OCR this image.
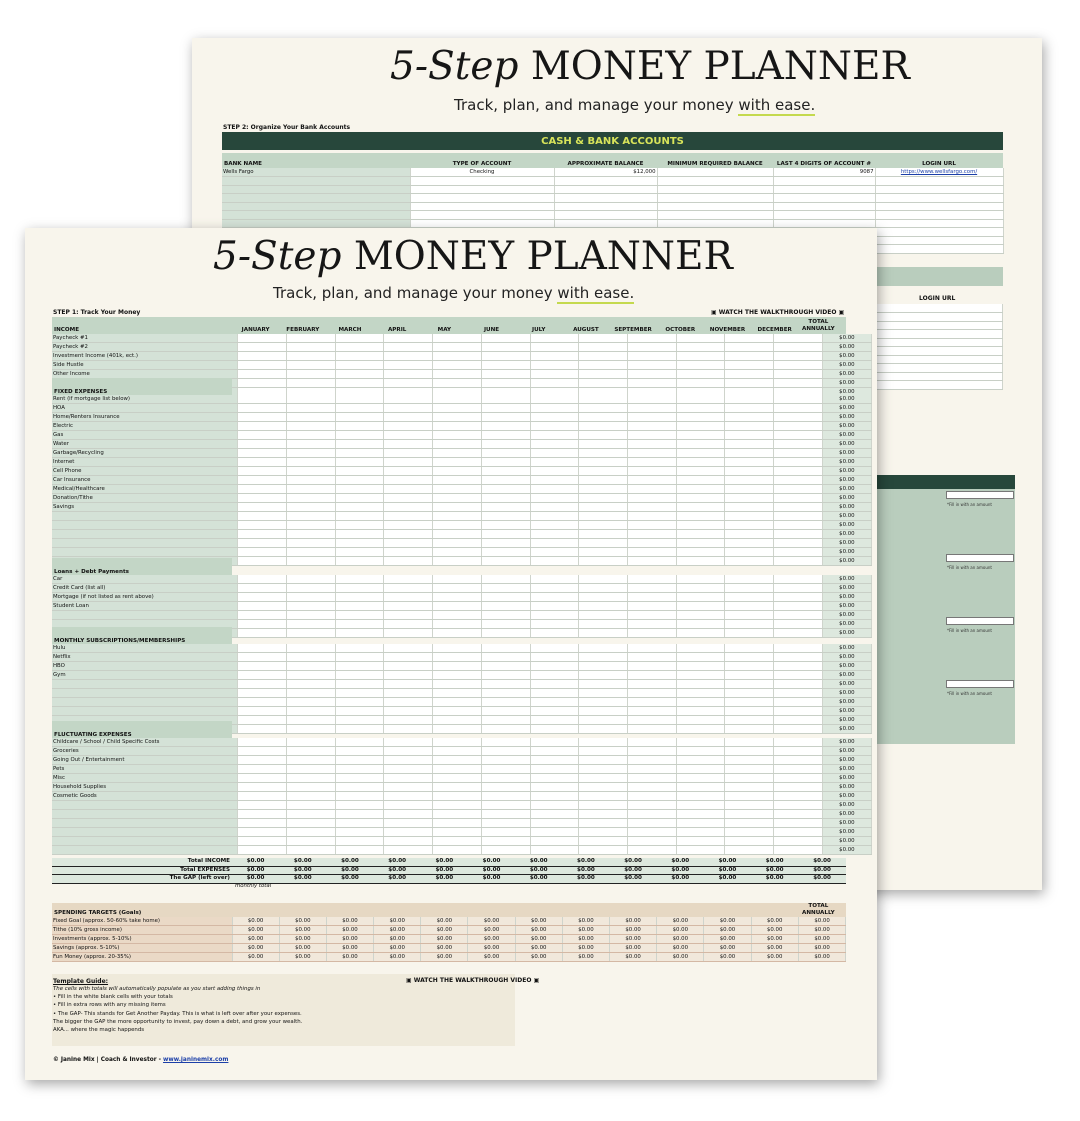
5-Step MONEY PLANNER
Track, plan, and manage your money with ease.
STEP 2: Organize Your Bank Accounts
CASH & BANK ACCOUNTS
BANK NAME	TYPE OF ACCOUNT	APPROXIMATE BALANCE	MINIMUM REQUIRED BALANCE	LAST 4 DIGITS OF ACCOUNT #	LOGIN URL
Wells Fargo	Checking	$12,000		9087	https://www.wellsfargo.com/

LOGIN URL

*Fill in with an amount
*Fill in with an amount
*Fill in with an amount
*Fill in with an amount
5-Step MONEY PLANNER
Track, plan, and manage your money with ease.
STEP 1: Track Your Money	▣ WATCH THE WALKTHROUGH VIDEO ▣
INCOME	JANUARY	FEBRUARY	MARCH	APRIL	MAY	JUNE	JULY	AUGUST	SEPTEMBER	OCTOBER	NOVEMBER	DECEMBER
TOTAL
ANNUALLY
Paycheck #1													$0.00
Paycheck #2													$0.00
Investment Income (401k, ect.)													$0.00
Side Hustle													$0.00
Other Income													$0.00
													$0.00
													$0.00
FIXED EXPENSES
Rent (if mortgage list below)													$0.00
HOA													$0.00
Home/Renters Insurance													$0.00
Electric													$0.00
Gas													$0.00
Water													$0.00
Garbage/Recycling													$0.00
Internet													$0.00
Cell Phone													$0.00
Car Insurance													$0.00
Medical/Healthcare													$0.00
Donation/Tithe													$0.00
Savings													$0.00
													$0.00
													$0.00
													$0.00
													$0.00
													$0.00
													$0.00
Loans + Debt Payments
Car													$0.00
Credit Card (list all)													$0.00
Mortgage (if not listed as rent above)													$0.00
Student Loan													$0.00
													$0.00
													$0.00
													$0.00
MONTHLY SUBSCRIPTIONS/MEMBERSHIPS
Hulu													$0.00
Netflix													$0.00
HBO													$0.00
Gym													$0.00
													$0.00
													$0.00
													$0.00
													$0.00
													$0.00
													$0.00
FLUCTUATING EXPENSES
Childcare / School / Child Specific Costs													$0.00
Groceries													$0.00
Going Out / Entertainment													$0.00
Pets													$0.00
Misc													$0.00
Household Supplies													$0.00
Cosmetic Goods													$0.00
													$0.00
													$0.00
													$0.00
													$0.00
													$0.00
													$0.00
Total INCOME	$0.00	$0.00	$0.00	$0.00	$0.00	$0.00	$0.00	$0.00	$0.00	$0.00	$0.00	$0.00	$0.00
Total EXPENSES	$0.00	$0.00	$0.00	$0.00	$0.00	$0.00	$0.00	$0.00	$0.00	$0.00	$0.00	$0.00	$0.00
The GAP (left over)	$0.00	$0.00	$0.00	$0.00	$0.00	$0.00	$0.00	$0.00	$0.00	$0.00	$0.00	$0.00	$0.00
monthly total
SPENDING TARGETS (Goals)
TOTAL
ANNUALLY
Fixed Goal (approx. 50-60% take home)	$0.00	$0.00	$0.00	$0.00	$0.00	$0.00	$0.00	$0.00	$0.00	$0.00	$0.00	$0.00	$0.00
Tithe (10% gross income)	$0.00	$0.00	$0.00	$0.00	$0.00	$0.00	$0.00	$0.00	$0.00	$0.00	$0.00	$0.00	$0.00
Investments (approx. 5-10%)	$0.00	$0.00	$0.00	$0.00	$0.00	$0.00	$0.00	$0.00	$0.00	$0.00	$0.00	$0.00	$0.00
Savings (approx. 5-10%)	$0.00	$0.00	$0.00	$0.00	$0.00	$0.00	$0.00	$0.00	$0.00	$0.00	$0.00	$0.00	$0.00
Fun Money (approx. 20-35%)	$0.00	$0.00	$0.00	$0.00	$0.00	$0.00	$0.00	$0.00	$0.00	$0.00	$0.00	$0.00	$0.00
Template Guide:
The cells with totals will automatically populate as you start adding things in
• Fill in the white blank cells with your totals
• Fill in extra rows with any missing items
• The GAP- This stands for Get Another Payday. This is what is left over after your expenses.
The bigger the GAP the more opportunity to invest, pay down a debt, and grow your wealth.
AKA... where the magic happends
▣ WATCH THE WALKTHROUGH VIDEO ▣
© Janine Mix | Coach & Investor - www.janinemix.com
